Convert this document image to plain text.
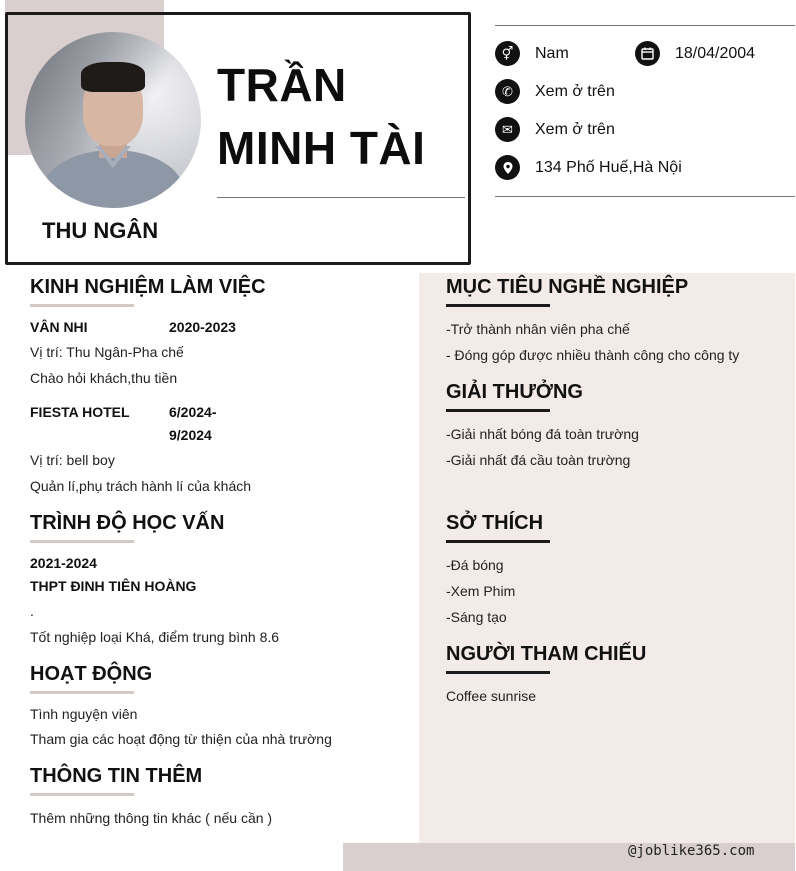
TRẦN
MINH TÀI
THU NGÂN
⚥	Nam	18/04/2004
✆	Xem ở trên
✉	Xem ở trên
134 Phố Huế,Hà Nội
KINH NGHIỆM LÀM VIỆC
VÂN NHI	2020-2023
Vị trí: Thu Ngân-Pha chế
Chào hỏi khách,thu tiền
FIESTA HOTEL	6/2024-
9/2024
Vị trí: bell boy
Quản lí,phụ trách hành lí của khách
TRÌNH ĐỘ HỌC VẤN
2021-2024
THPT ĐINH TIÊN HOÀNG
.
Tốt nghiệp loại Khá, điểm trung bình 8.6
HOẠT ĐỘNG
Tình nguyện viên
Tham gia các hoạt động từ thiện của nhà trường
THÔNG TIN THÊM
Thêm những thông tin khác ( nếu cần )
MỤC TIÊU NGHỀ NGHIỆP
-Trở thành nhân viên pha chế
- Đóng góp được nhiều thành công cho công ty
GIẢI THƯỞNG
-Giải nhất bóng đá toàn trường
-Giải nhất đá cầu toàn trường
SỞ THÍCH
-Đá bóng
-Xem Phim
-Sáng tạo
NGƯỜI THAM CHIẾU
Coffee sunrise
@joblike365.com
